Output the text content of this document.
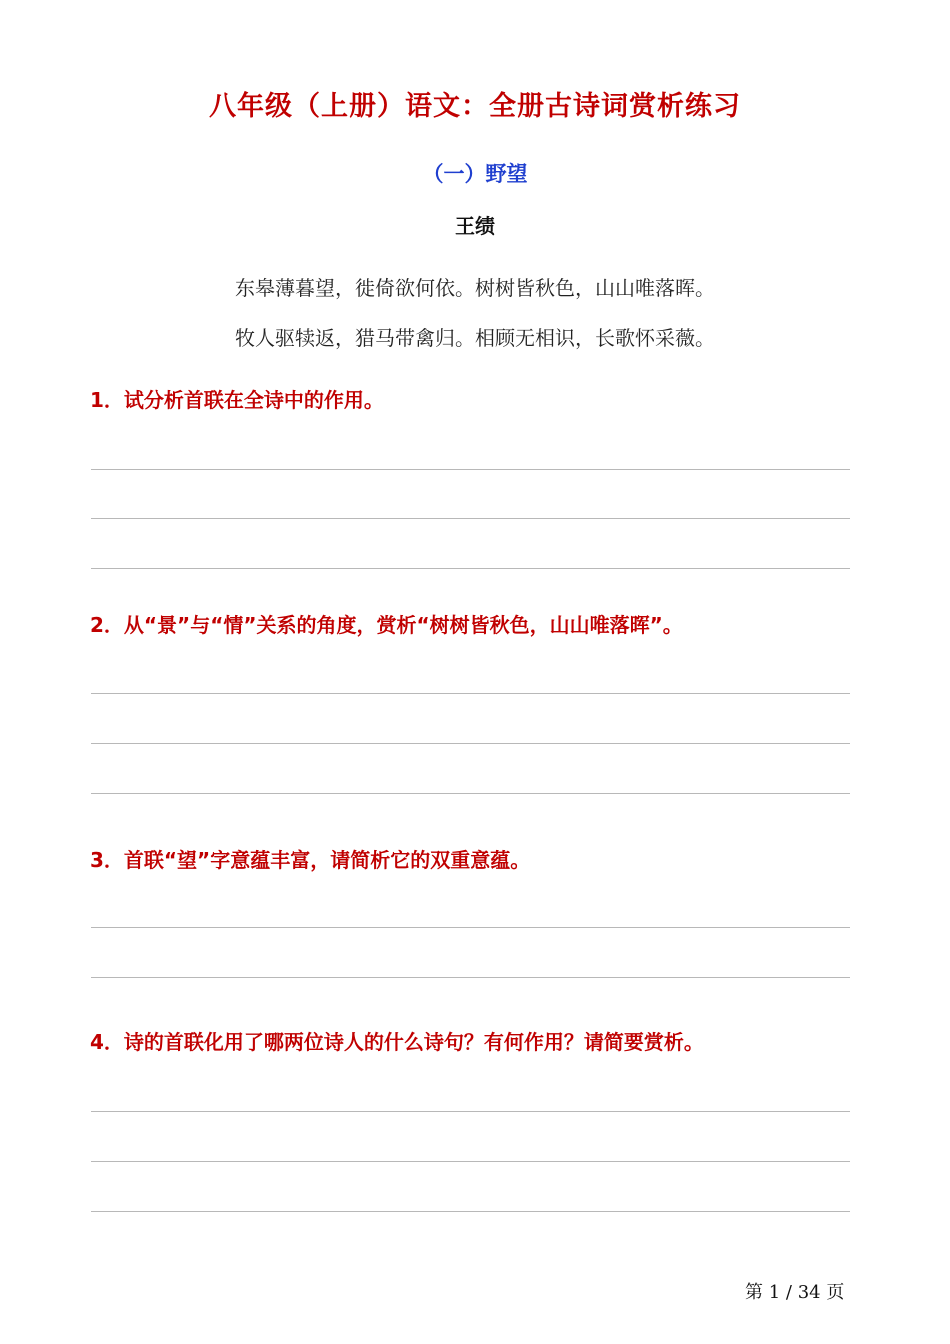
八年级（上册）语文：全册古诗词赏析练习
（一）野望
王绩
东皋薄暮望，徙倚欲何依。树树皆秋色，山山唯落晖。
牧人驱犊返，猎马带禽归。相顾无相识，长歌怀采薇。
1．试分析首联在全诗中的作用。
2．从“景”与“情”关系的角度，赏析“树树皆秋色，山山唯落晖”。
3．首联“望”字意蕴丰富，请简析它的双重意蕴。
4．诗的首联化用了哪两位诗人的什么诗句？有何作用？请简要赏析。
第 1 / 34 页
